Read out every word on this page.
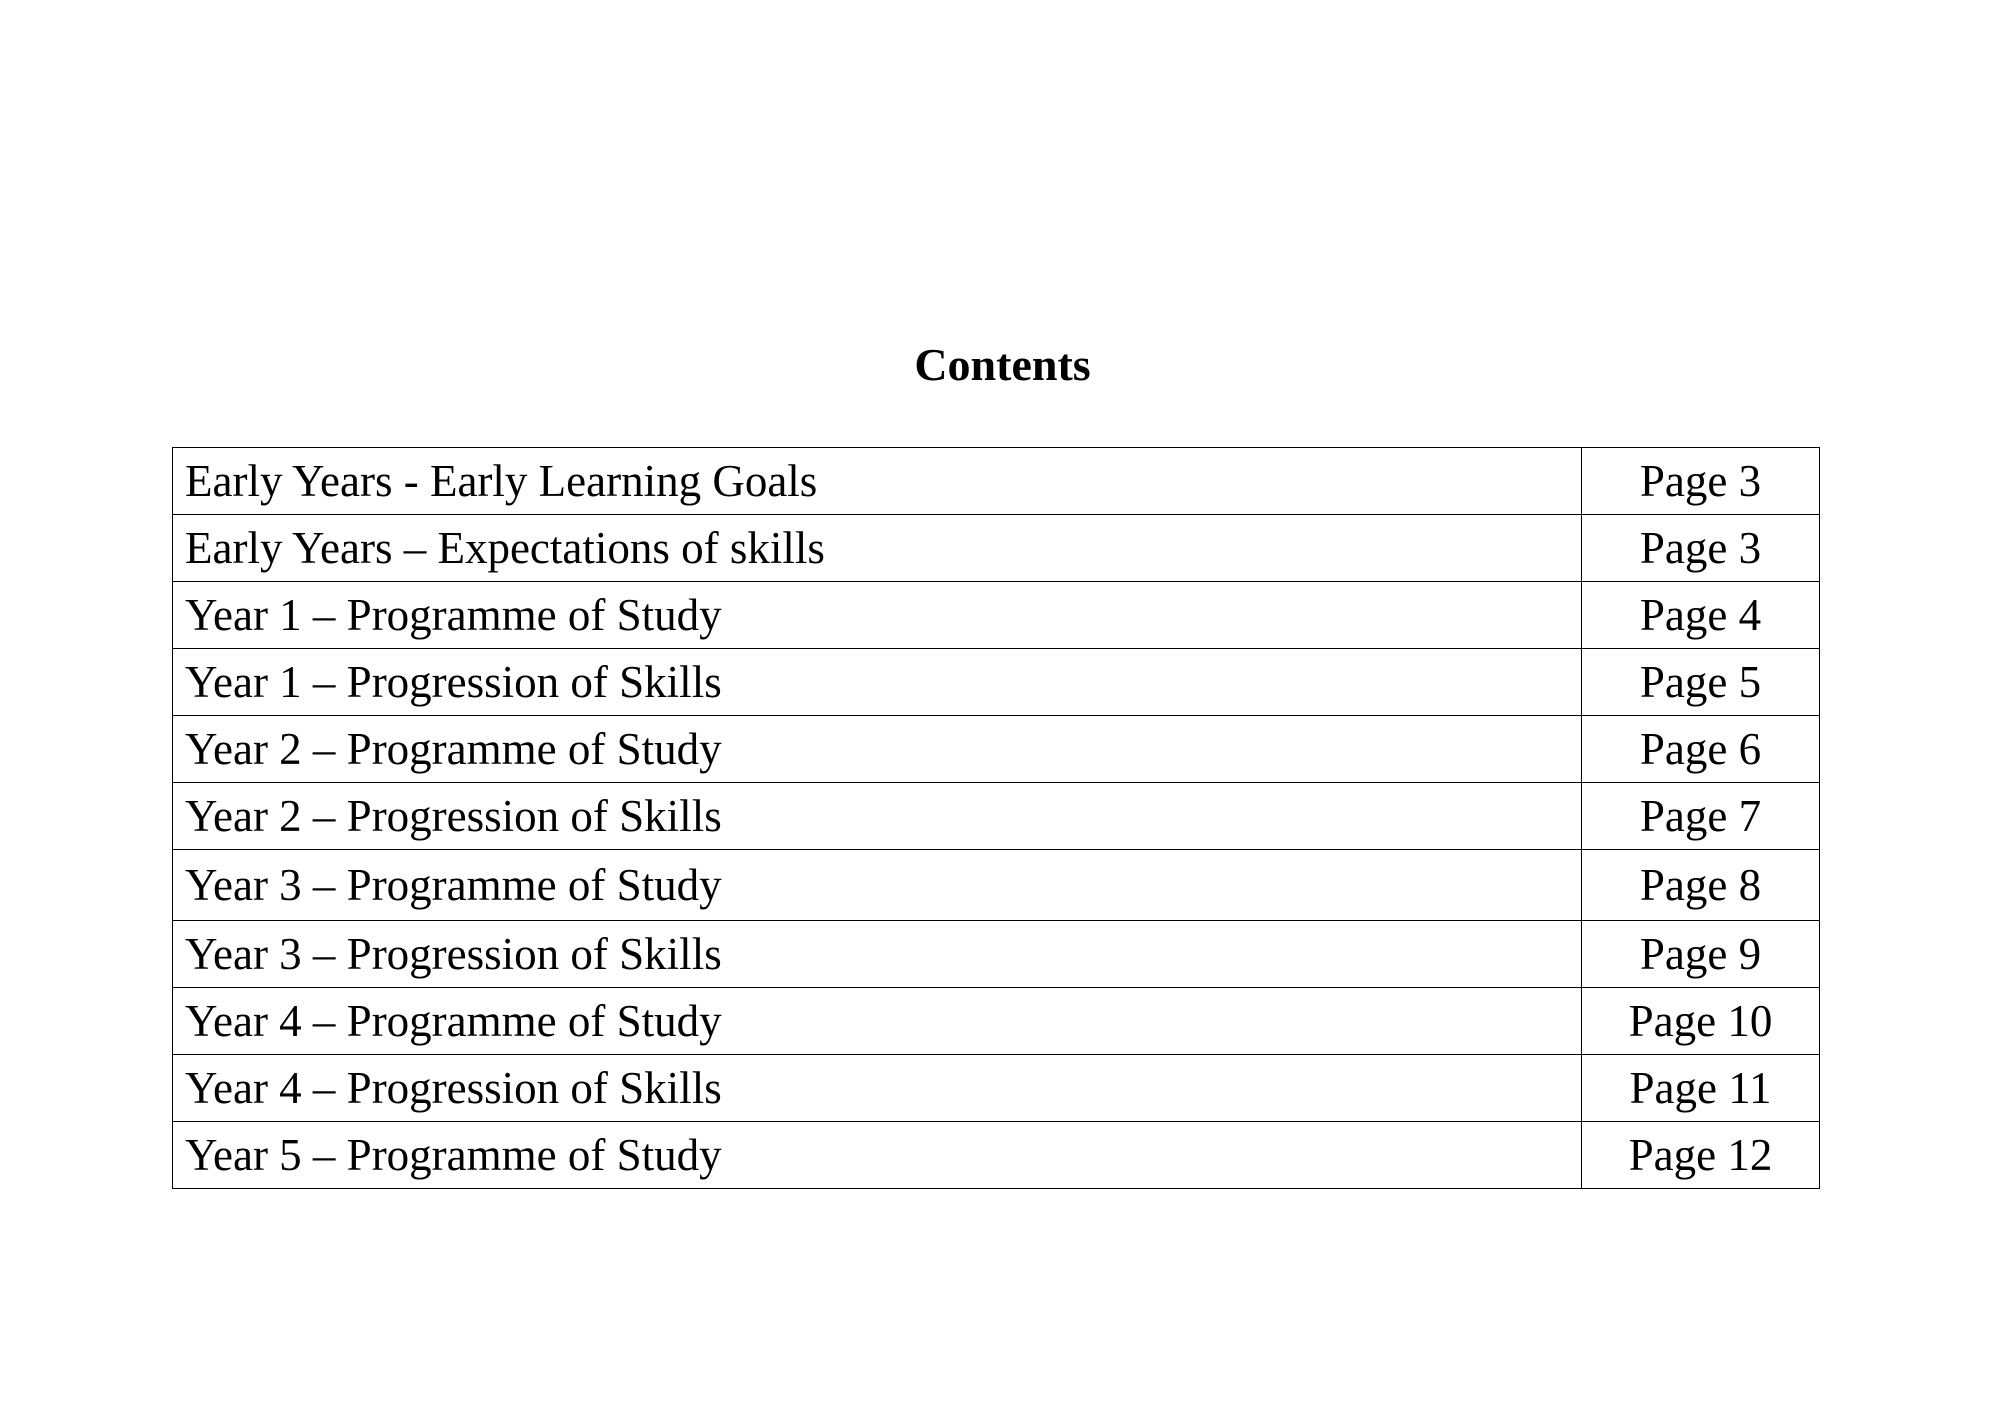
Contents
Early Years - Early Learning Goals	Page 3
Early Years – Expectations of skills	Page 3
Year 1 – Programme of Study	Page 4
Year 1 – Progression of Skills	Page 5
Year 2 – Programme of Study	Page 6
Year 2 – Progression of Skills	Page 7
Year 3 – Programme of Study	Page 8
Year 3 – Progression of Skills	Page 9
Year 4 – Programme of Study	Page 10
Year 4 – Progression of Skills	Page 11
Year 5 – Programme of Study	Page 12
